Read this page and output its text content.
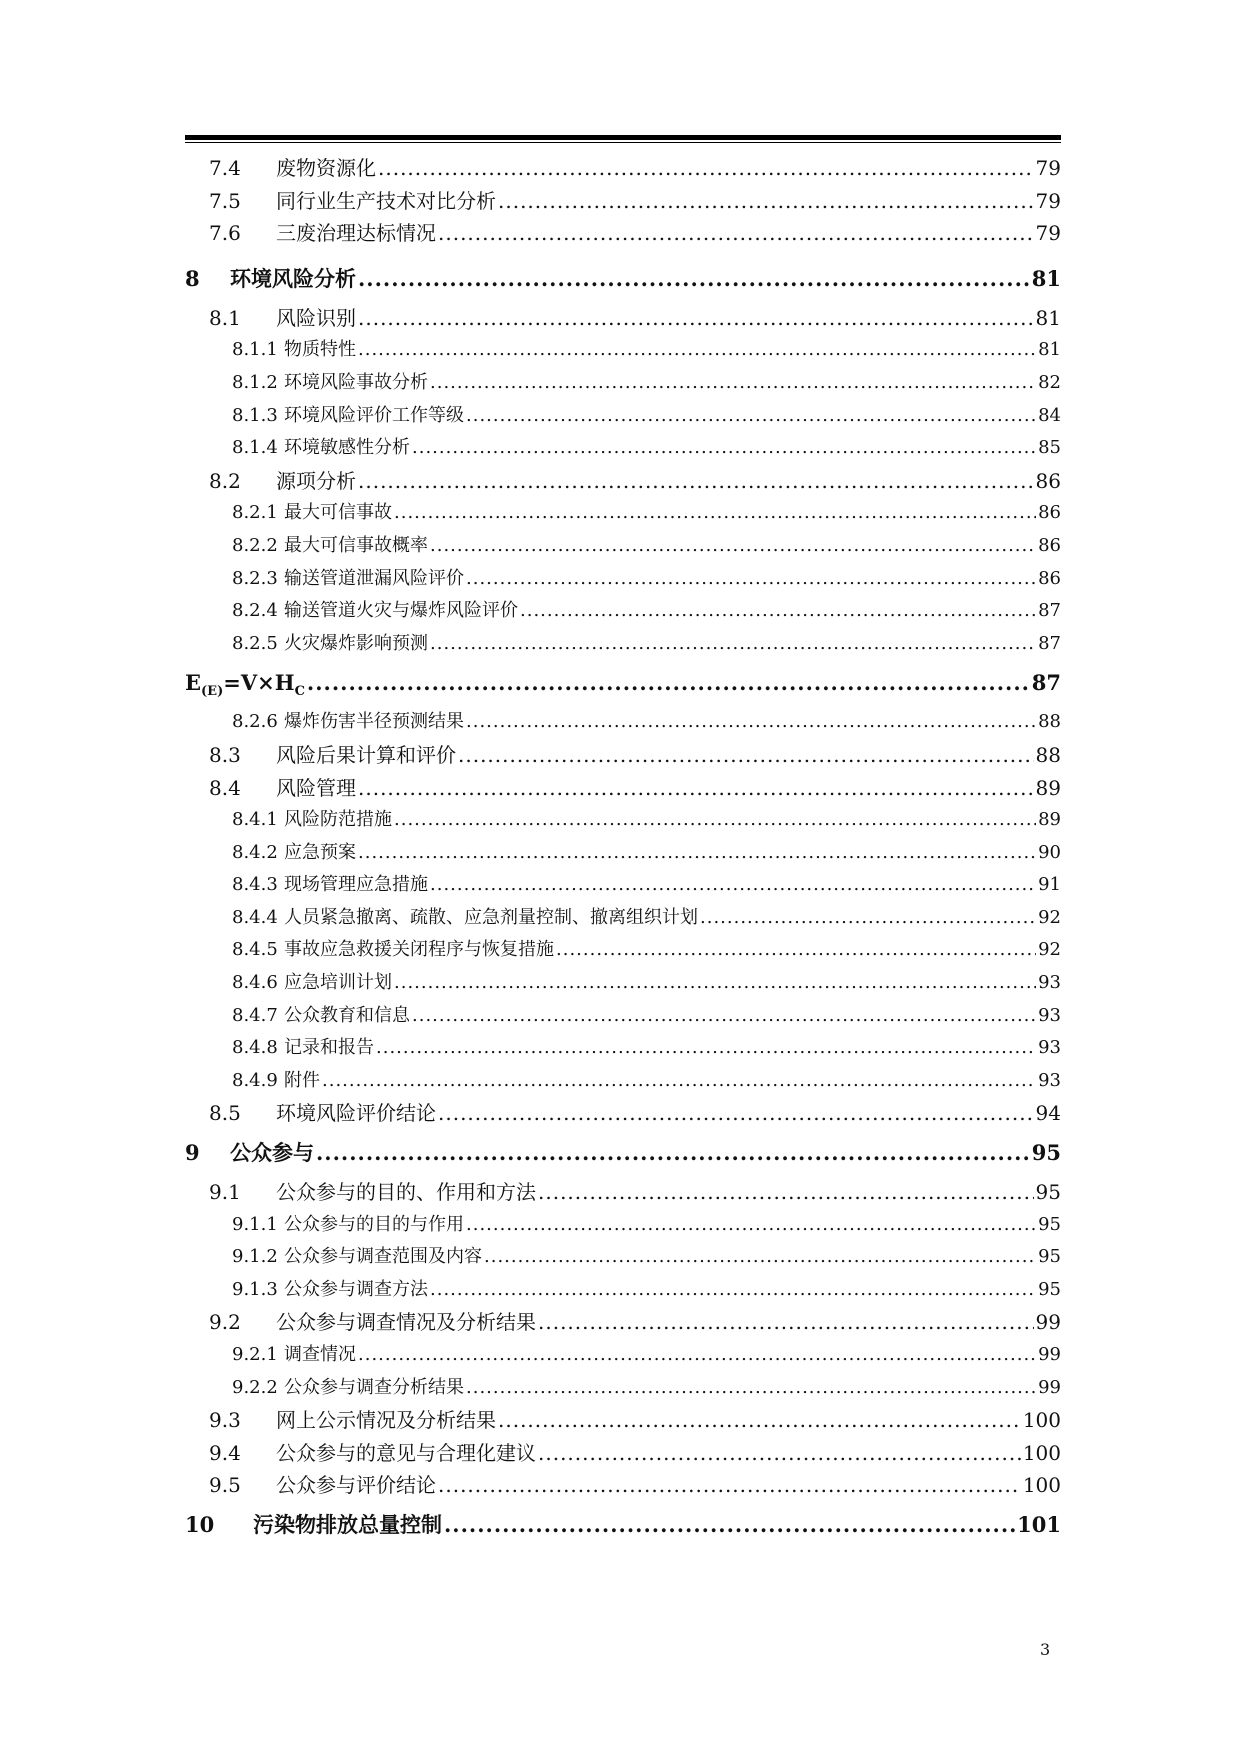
7.4	废物资源化 .....	79
7.5	同行业生产技术对比分析 .....	79
7.6	三废治理达标情况 .....	79
8	环境风险分析 .....	81
8.1	风险识别 .....	81
8.1.1 物质特性 .....	81
8.1.2 环境风险事故分析 .....	82
8.1.3 环境风险评价工作等级 .....	84
8.1.4 环境敏感性分析 .....	85
8.2	源项分析 .....	86
8.2.1 最大可信事故 .....	86
8.2.2 最大可信事故概率 .....	86
8.2.3 输送管道泄漏风险评价 .....	86
8.2.4 输送管道火灾与爆炸风险评价 .....	87
8.2.5 火灾爆炸影响预测 .....	87
$E_{(E)}=V\times H_C$ .....	87
8.2.6 爆炸伤害半径预测结果 .....	88
8.3	风险后果计算和评价 .....	88
8.4	风险管理 .....	89
8.4.1 风险防范措施 .....	89
8.4.2 应急预案 .....	90
8.4.3 现场管理应急措施 .....	91
8.4.4 人员紧急撤离、疏散、应急剂量控制、撤离组织计划 .....	92
8.4.5 事故应急救援关闭程序与恢复措施 .....	92
8.4.6 应急培训计划 .....	93
8.4.7 公众教育和信息 .....	93
8.4.8 记录和报告 .....	93
8.4.9 附件 .....	93
8.5	环境风险评价结论 .....	94
9	公众参与 .....	95
9.1	公众参与的目的、作用和方法 .....	95
9.1.1 公众参与的目的与作用 .....	95
9.1.2 公众参与调查范围及内容 .....	95
9.1.3 公众参与调查方法 .....	95
9.2	公众参与调查情况及分析结果 .....	99
9.2.1 调查情况 .....	99
9.2.2 公众参与调查分析结果 .....	99
9.3	网上公示情况及分析结果 .....	100
9.4	公众参与的意见与合理化建议 .....	100
9.5	公众参与评价结论 .....	100
10	污染物排放总量控制 .....	101
3
